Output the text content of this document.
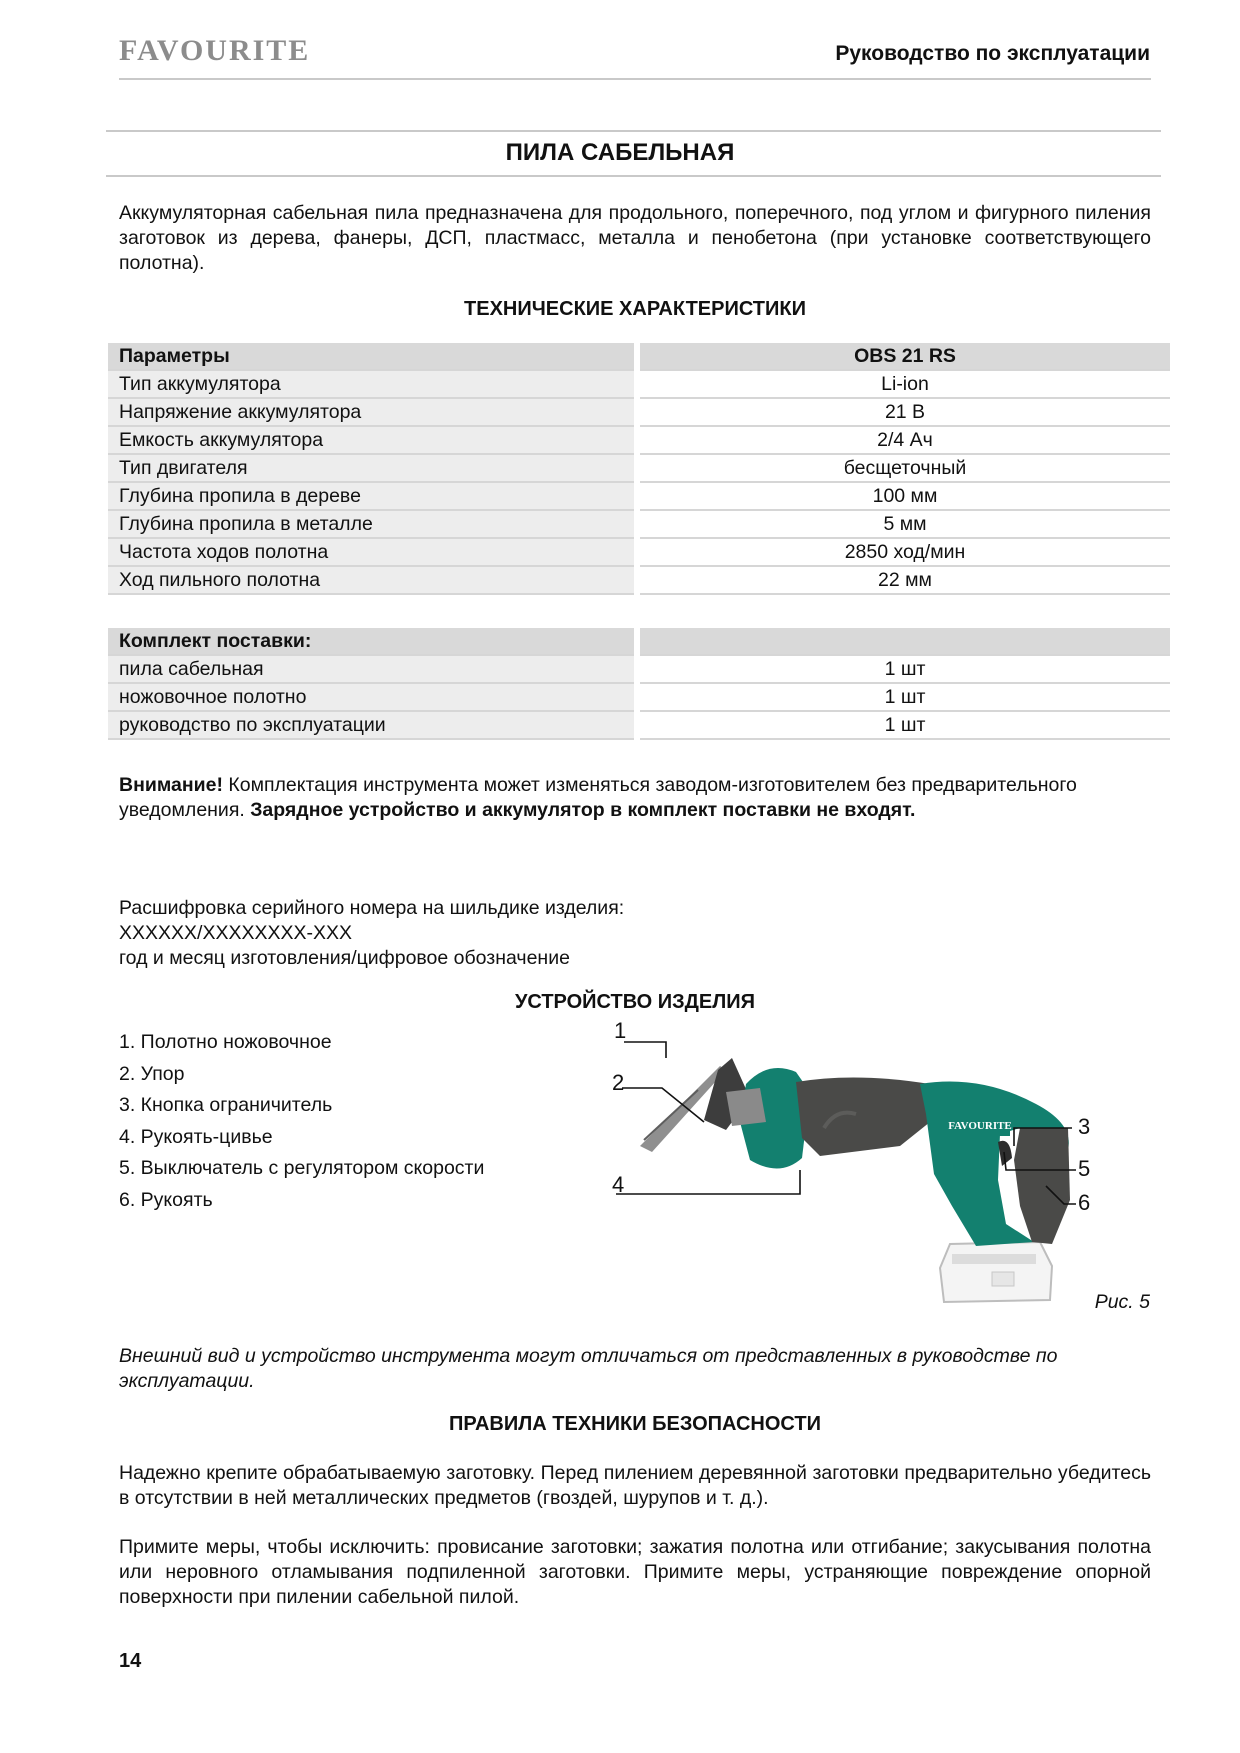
FAVOURITE	Руководство по эксплуатации
ПИЛА САБЕЛЬНАЯ
Аккумуляторная сабельная пила предназначена для продольного, поперечного, под углом и фигурного пиления заготовок из дерева, фанеры, ДСП, пластмасс, металла и пенобетона (при установке соответствующего полотна).
ТЕХНИЧЕСКИЕ ХАРАКТЕРИСТИКИ
Параметры		OBS 21 RS
Тип аккумулятора		Li-ion
Напряжение аккумулятора		21 В
Емкость аккумулятора		2/4 Ач
Тип двигателя		бесщеточный
Глубина пропила в дереве		100 мм
Глубина пропила в металле		5 мм
Частота ходов полотна		2850 ход/мин
Ход пильного полотна		22 мм
Комплект поставки:		
пила сабельная		1 шт
ножовочное полотно		1 шт
руководство по эксплуатации		1 шт
Внимание! Комплектация инструмента может изменяться заводом-изготовителем без предварительного уведомления. Зарядное устройство и аккумулятор в комплект поставки не входят.
Расшифровка серийного номера на шильдике изделия:
XXXXXX/XXXXXXXX-XXX
год и месяц изготовления/цифровое обозначение
УСТРОЙСТВО ИЗДЕЛИЯ
1. Полотно ножовочное
2. Упор
3. Кнопка ограничитель
4. Рукоять-цивье
5. Выключатель с регулятором скорости
6. Рукоять
FAVOURITE
1
2
3
4
5
6
Рис. 5
Внешний вид и устройство инструмента могут отличаться от представленных в руководстве по эксплуатации.
ПРАВИЛА ТЕХНИКИ БЕЗОПАСНОСТИ
Надежно крепите обрабатываемую заготовку. Перед пилением деревянной заготовки предварительно убедитесь в отсутствии в ней металлических предметов (гвоздей, шурупов и т. д.).
Примите меры, чтобы исключить: провисание заготовки; зажатия полотна или отгибание; закусывания полотна или неровного отламывания подпиленной заготовки. Примите меры, устраняющие повреждение опорной поверхности при пилении сабельной пилой.
14
